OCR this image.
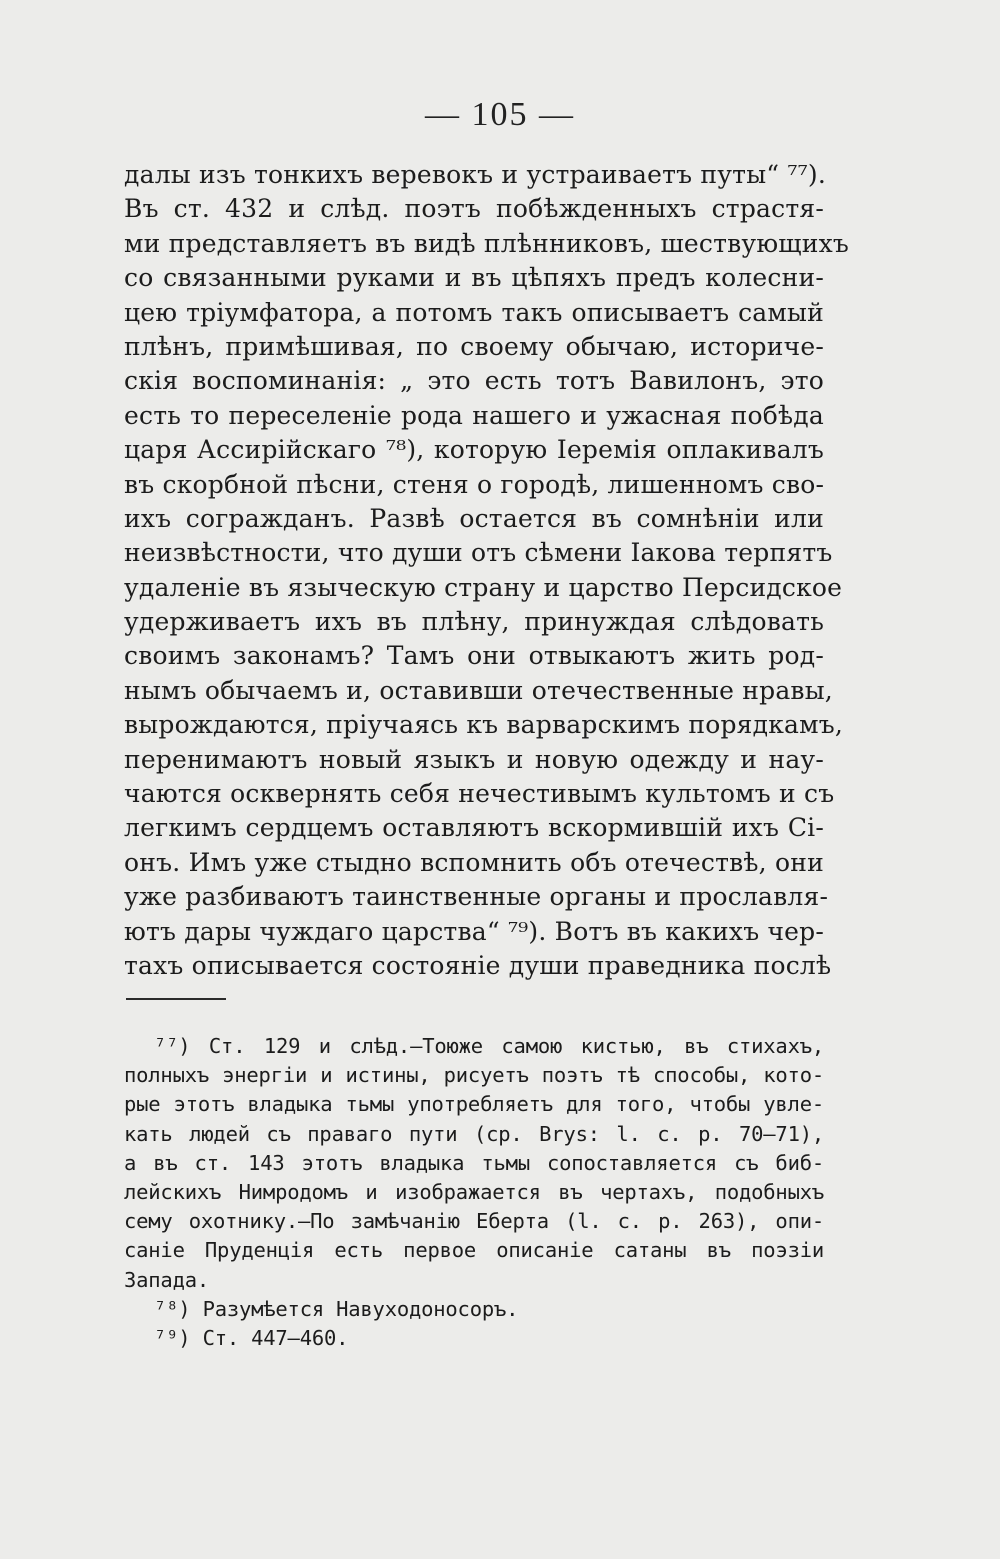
— 105 —
далы изъ тонкихъ веревокъ и устраиваетъ путы“ ⁷⁷).
Въ ст. 432 и слѣд. поэтъ побѣжденныхъ страстя-
ми представляетъ въ видѣ плѣнниковъ, шествующихъ
со связанными руками и въ цѣпяхъ предъ колесни-
цею тріумфатора, а потомъ такъ описываетъ самый
плѣнъ, примѣшивая, по своему обычаю, историче-
скія воспоминанія: „ это есть тотъ Вавилонъ, это
есть то переселеніе рода нашего и ужасная побѣда
царя Ассирійскаго ⁷⁸), которую Іеремія оплакивалъ
въ скорбной пѣсни, стеня о городѣ, лишенномъ сво-
ихъ согражданъ. Развѣ остается въ сомнѣніи или
неизвѣстности, что души отъ сѣмени Іакова терпятъ
удаленіе въ языческую страну и царство Персидское
удерживаетъ ихъ въ плѣну, принуждая слѣдовать
своимъ законамъ? Тамъ они отвыкаютъ жить род-
нымъ обычаемъ и, оставивши отечественные нравы,
вырождаются, пріучаясь къ варварскимъ порядкамъ,
перенимаютъ новый языкъ и новую одежду и нау-
чаются осквернять себя нечестивымъ культомъ и съ
легкимъ сердцемъ оставляютъ вскормившій ихъ Сі-
онъ. Имъ уже стыдно вспомнить объ отечествѣ, они
уже разбиваютъ таинственные органы и прославля-
ютъ дары чуждаго царства“ ⁷⁹). Вотъ въ какихъ чер-
тахъ описывается состояніе души праведника послѣ
⁷⁷) Ст. 129 и слѣд.—Тоюже самою кистью, въ стихахъ,
полныхъ энергіи и истины, рисуетъ поэтъ тѣ способы, кото-
рые этотъ владыка тьмы употребляетъ для того, чтобы увле-
кать людей съ праваго пути (ср. Brys: l. c. p. 70—71),
а въ ст. 143 этотъ владыка тьмы сопоставляется съ биб-
лейскихъ Нимродомъ и изображается въ чертахъ, подобныхъ
сему охотнику.—По замѣчанію Еберта (l. c. p. 263), опи-
саніе Пруденція есть первое описаніе сатаны въ поэзіи
Запада.
⁷⁸) Разумѣется Навуходоносоръ.
⁷⁹) Ст. 447—460.
